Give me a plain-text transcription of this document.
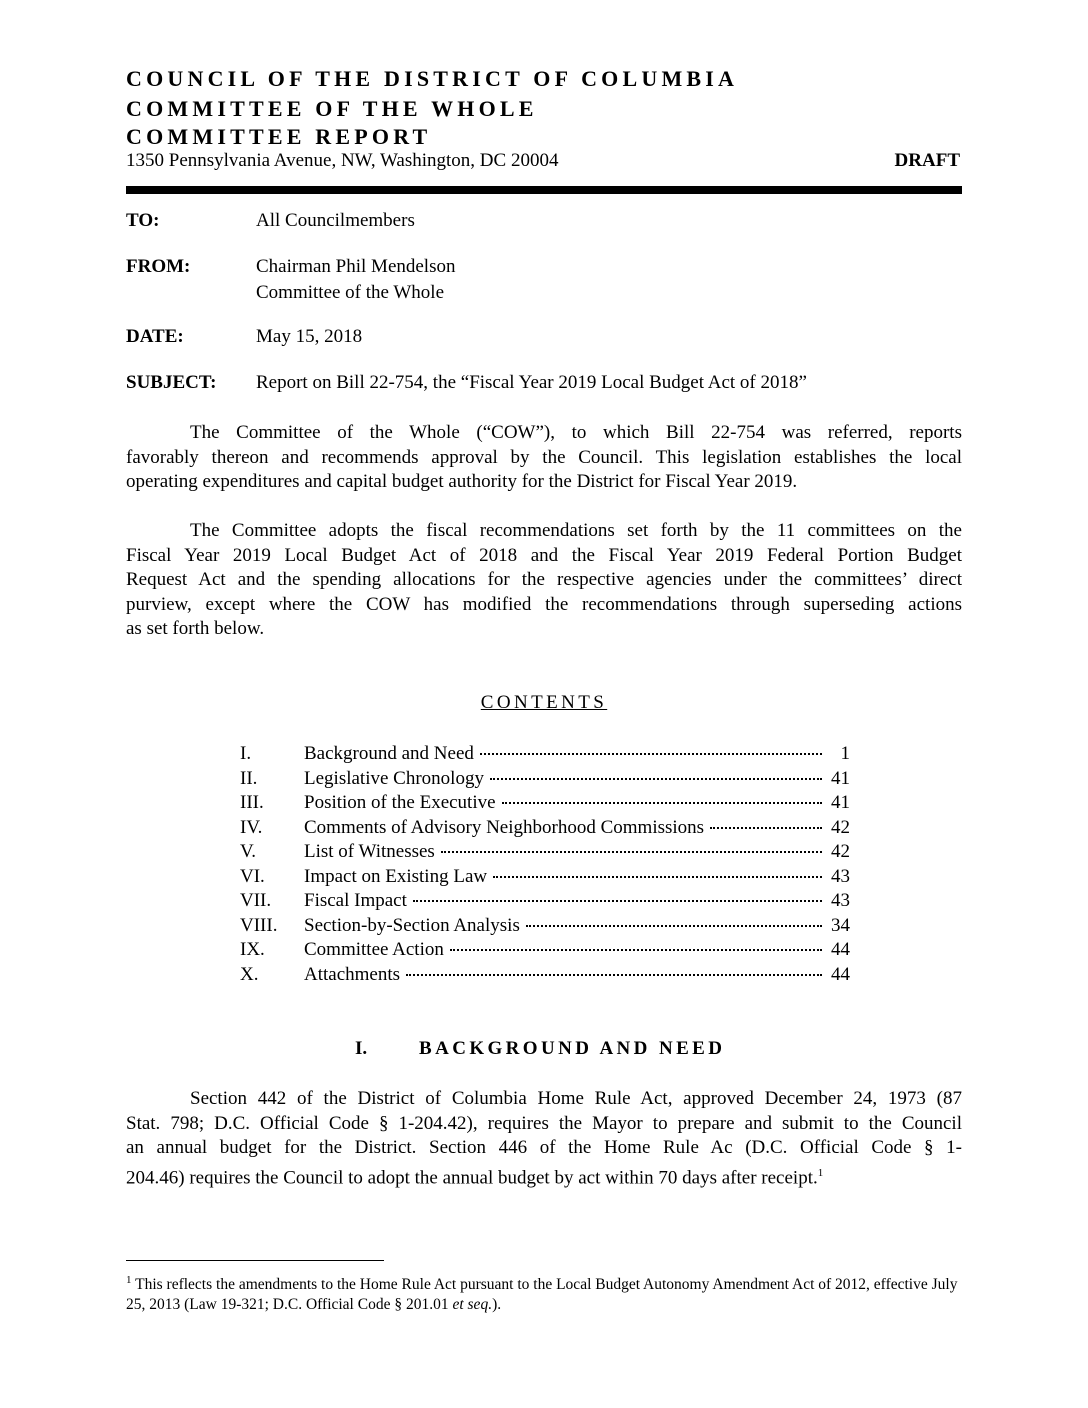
COUNCIL OF THE DISTRICT OF COLUMBIA
COMMITTEE OF THE WHOLE
COMMITTEE REPORT
1350 Pennsylvania Avenue, NW, Washington, DC 20004	DRAFT
TO:	All Councilmembers
FROM:	Chairman Phil Mendelson
Committee of the Whole
DATE:	May 15, 2018
SUBJECT: Report on Bill 22-754, the “Fiscal Year 2019 Local Budget Act of 2018”
The Committee of the Whole (“COW”), to which Bill 22-754 was referred, reports
favorably thereon and recommends approval by the Council. This legislation establishes the local
operating expenditures and capital budget authority for the District for Fiscal Year 2019.
The Committee adopts the fiscal recommendations set forth by the 11 committees on the
Fiscal Year 2019 Local Budget Act of 2018 and the Fiscal Year 2019 Federal Portion Budget
Request Act and the spending allocations for the respective agencies under the committees’ direct
purview, except where the COW has modified the recommendations through superseding actions
as set forth below.
CONTENTS
I.	Background and Need	1
II. Legislative Chronology	41
III. Position of the Executive	41
IV. Comments of Advisory Neighborhood Commissions	42
V.	List of Witnesses	42
VI. Impact on Existing Law	43
VII. Fiscal Impact	43
VIII. Section-by-Section Analysis	34
IX. Committee Action	44
X. Attachments	44
I.	BACKGROUND AND NEED
Section 442 of the District of Columbia Home Rule Act, approved December 24, 1973 (87
Stat. 798; D.C. Official Code § 1-204.42), requires the Mayor to prepare and submit to the Council
an annual budget for the District. Section 446 of the Home Rule Ac (D.C. Official Code § 1-
204.46) requires the Council to adopt the annual budget by act within 70 days after receipt.$^1$
$^1$ This reflects the amendments to the Home Rule Act pursuant to the Local Budget Autonomy Amendment Act of 2012, effective July 25, 2013 (Law 19-321; D.C. Official Code § 201.01 et seq.).
